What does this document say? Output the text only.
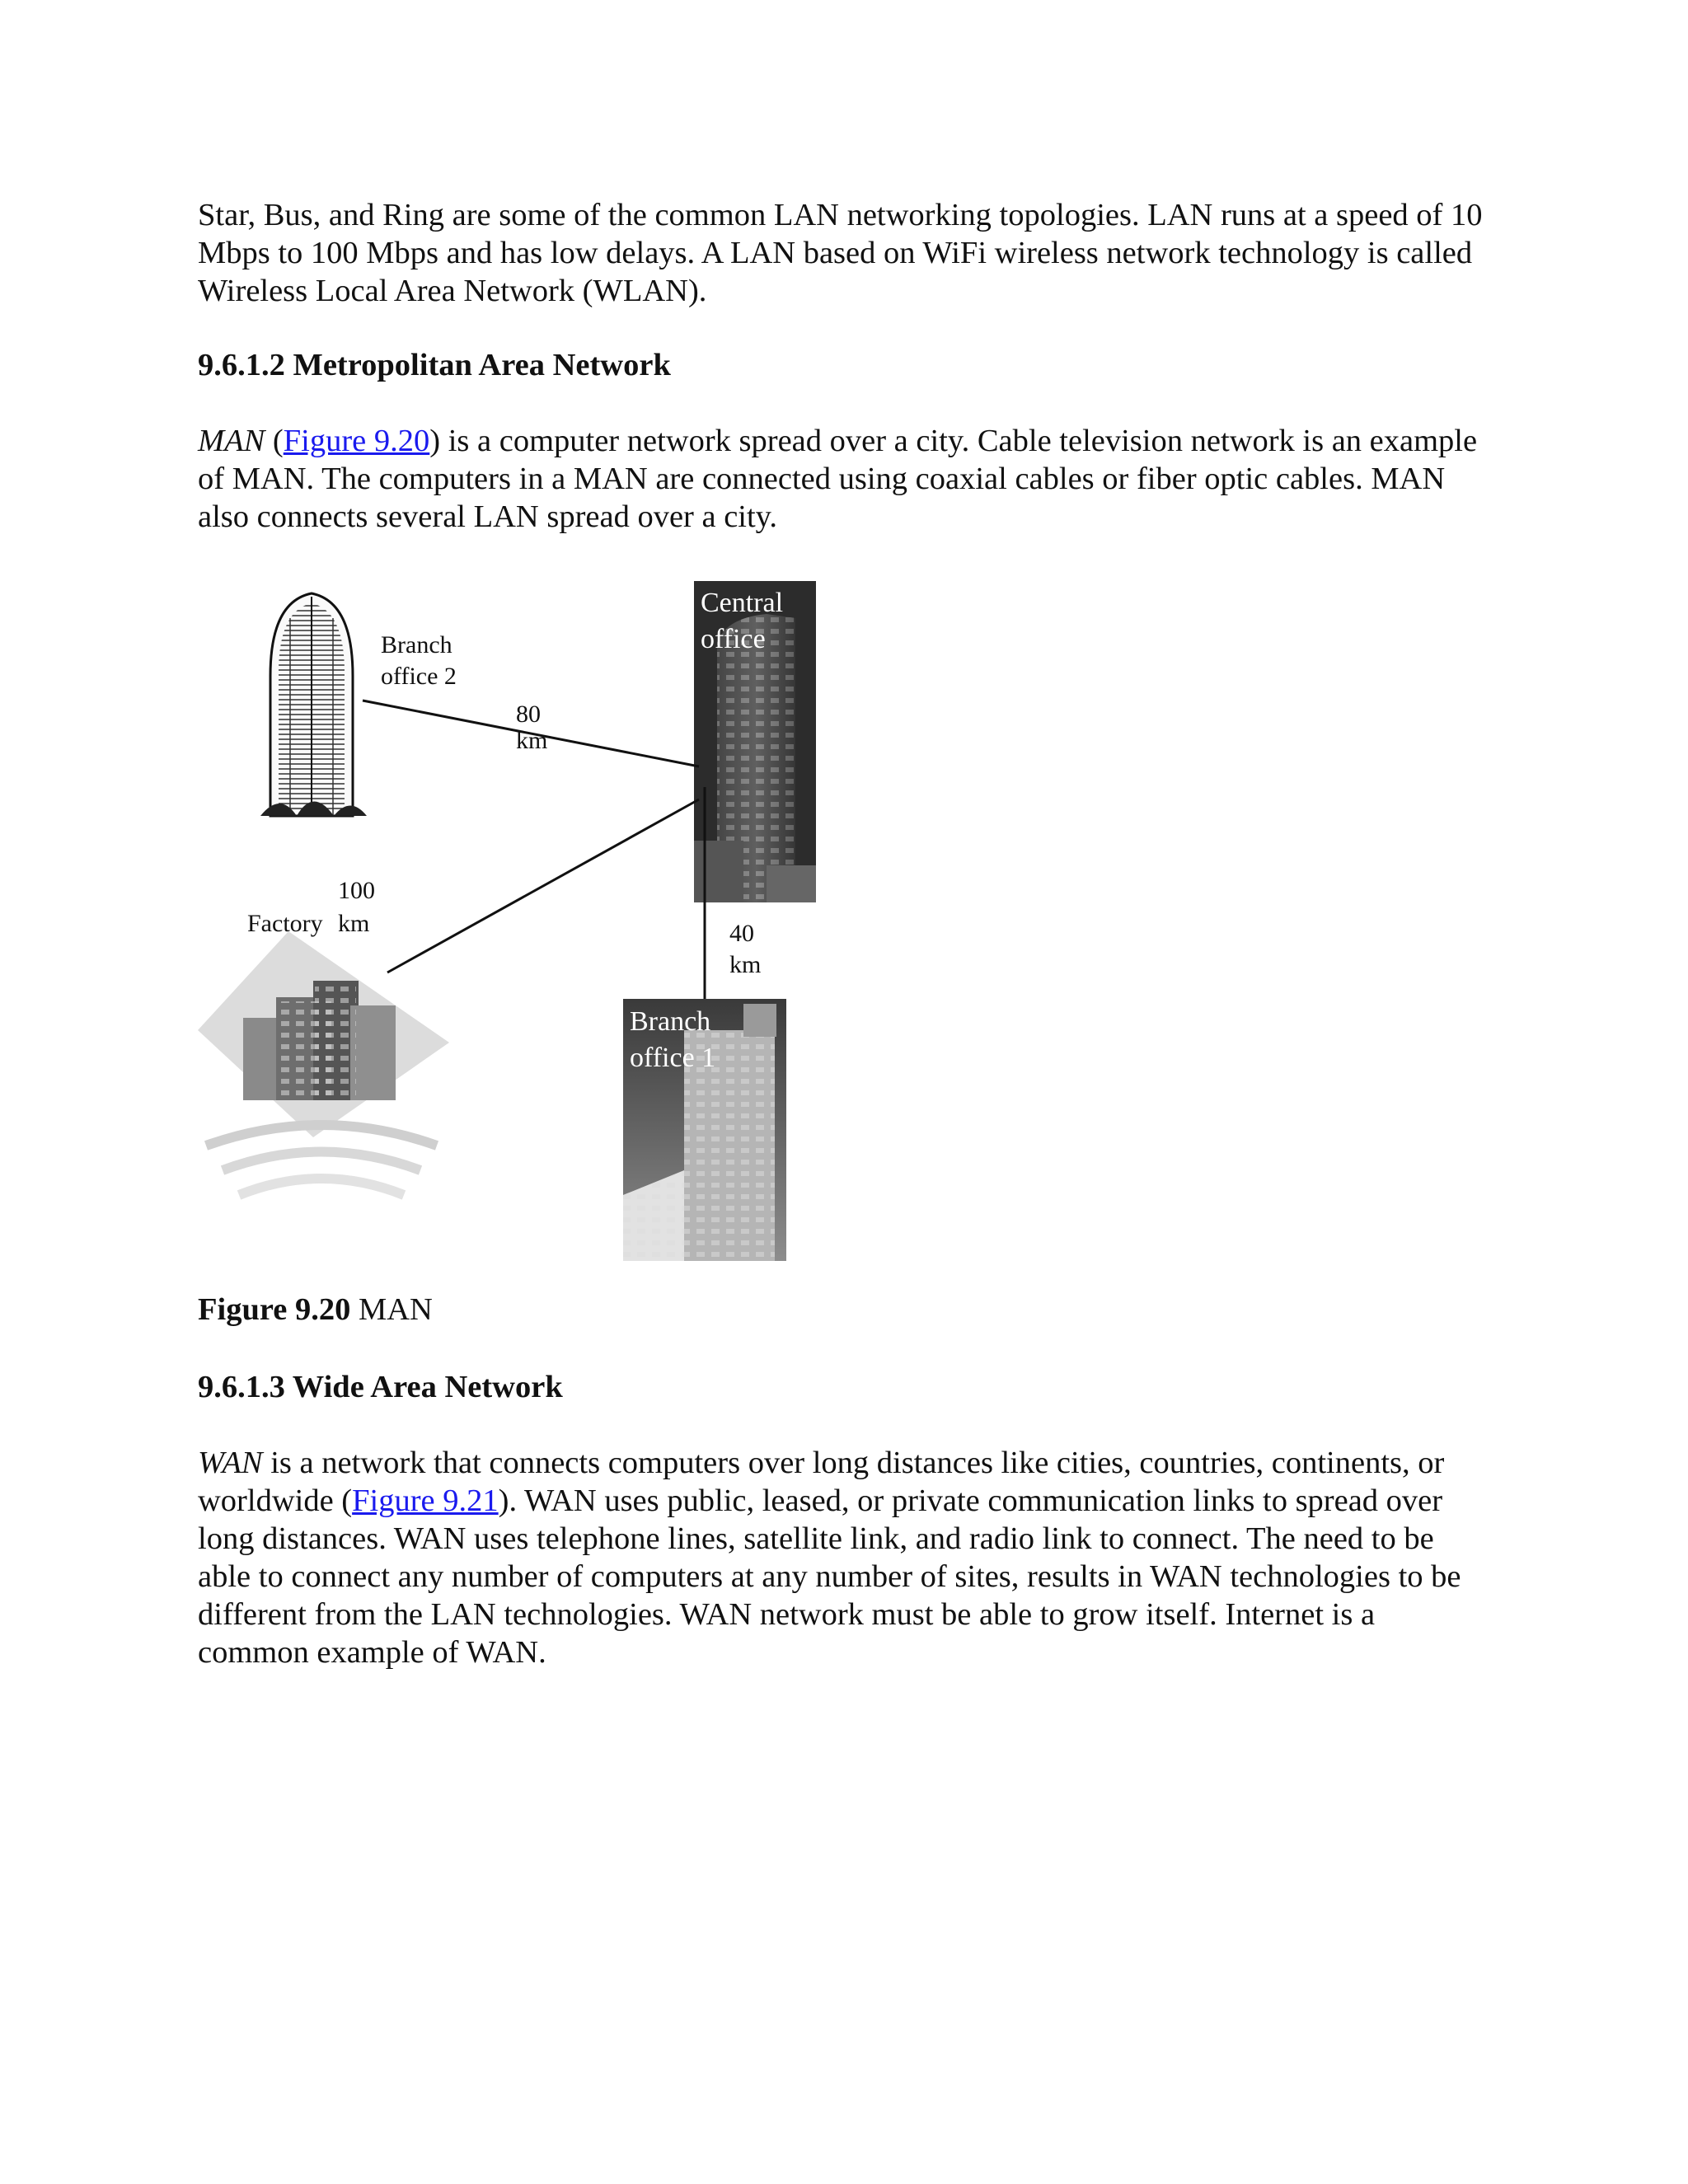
Star, Bus, and Ring are some of the common LAN networking topologies. LAN runs at a speed of 10 Mbps to 100 Mbps and has low delays. A LAN based on WiFi wireless network technology is called Wireless Local Area Network (WLAN).

9.6.1.2 Metropolitan Area Network

MAN (Figure 9.20) is a computer network spread over a city. Cable television network is an example of MAN. The computers in a MAN are connected using coaxial cables or fiber optic cables. MAN also connects several LAN spread over a city.

Central
office
Branch
office 2
80
km
100
Factory km	40
km
Branch
office 1

Figure 9.20 MAN

9.6.1.3 Wide Area Network

WAN is a network that connects computers over long distances like cities, countries, continents, or worldwide (Figure 9.21). WAN uses public, leased, or private communication links to spread over long distances. WAN uses telephone lines, satellite link, and radio link to connect. The need to be able to connect any number of computers at any number of sites, results in WAN technologies to be different from the LAN technologies. WAN network must be able to grow itself. Internet is a common example of WAN.
